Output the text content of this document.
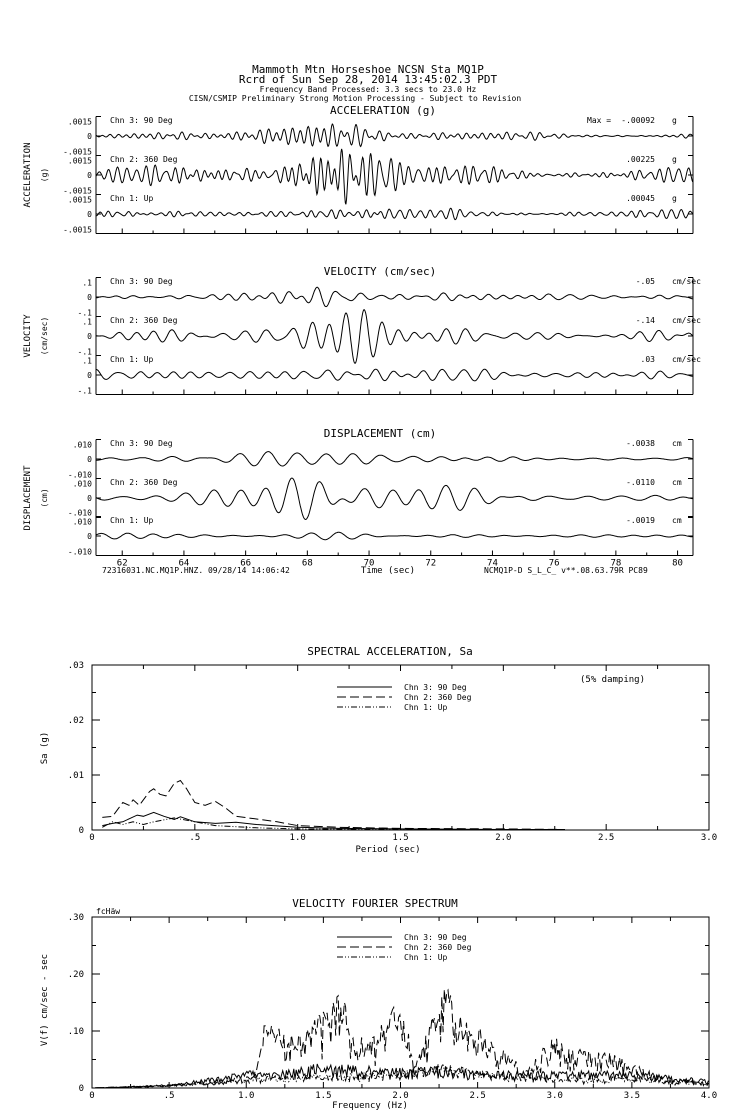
Mammoth Mtn Horseshoe NCSN Sta MQ1P
Rcrd of Sun Sep 28, 2014 13:45:02.3 PDT
Frequency Band Processed: 3.3 secs to 23.0 Hz
CISN/CSMIP Preliminary Strong Motion Processing - Subject to Revision
ACCELERATION (g)
VELOCITY (cm/sec)
DISPLACEMENT (cm)
ACCELERATION (g)
VELOCITY (cm/sec)
DISPLACEMENT (cm)
Time (sec)
72316031.NC.MQ1P.HNZ. 09/28/14 14:06:42	NCMQ1P-D S_L_C_ v**.08.63.79R PC89
SPECTRAL ACCELERATION, Sa
(5% damping)
Sa (g)
Period (sec)
VELOCITY FOURIER SPECTRUM
fcHäw
V(f) cm/sec - sec
Frequency (Hz)
0
.0015 Chn 3: 90 Deg	Max = -.00092 g
0
.0015
-.0015
Chn 2: 360 Deg	.00225 g
0
.0015
-.0015
-.0015
Chn 1: Up	.00045 g
0
.1 Chn 3: 90 Deg	-.05 cm/sec
0
.1
-.1
Chn 2: 360 Deg	-.14 cm/sec
0
.1
-.1
-.1
Chn 1: Up	.03 cm/sec
0
.010 Chn 3: 90 Deg	-.0038 cm
0
.010
-.010
Chn 2: 360 Deg	-.0110 cm
0
.010
-.010
-.010
Chn 1: Up	-.0019 cm
62	64	66	68	70	72	74	76	78	80
0	.5	1.0	1.5	2.0	2.5	3.0
0
.01
.02
.03
Chn 3: 90 Deg
Chn 2: 360 Deg
Chn 1: Up
0	.5	1.0	1.5	2.0	2.5	3.0	3.5	4.0
0
.10
.20
.30
Chn 3: 90 Deg
Chn 2: 360 Deg
Chn 1: Up
